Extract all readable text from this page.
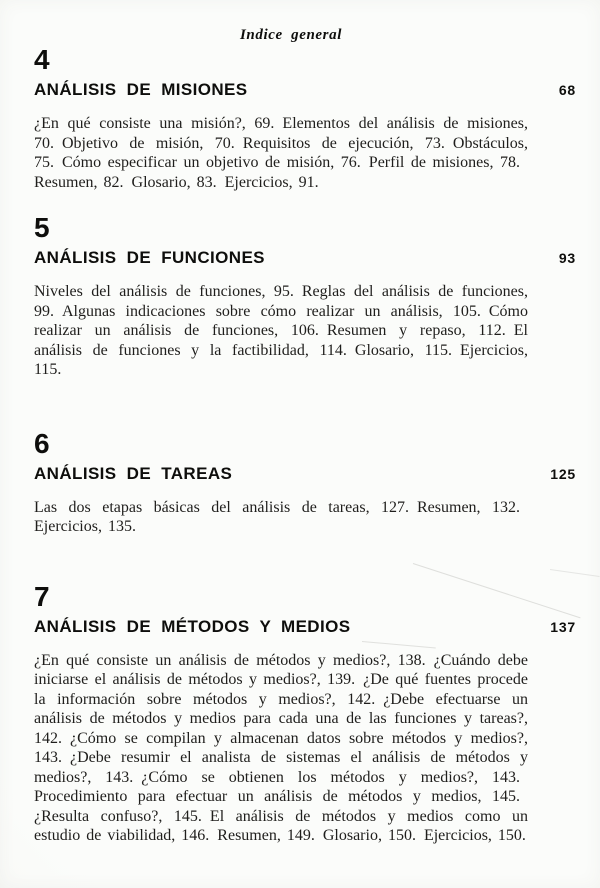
Indice general
4
ANÁLISIS DE MISIONES	68

¿En qué consiste una misión?, 69. Elementos del análisis de misiones, 70. Objetivo de misión, 70. Requisitos de ejecución, 73. Obstáculos, 75. Cómo especificar un objetivo de misión, 76. Perfil de misiones, 78. Resumen, 82. Glosario, 83. Ejercicios, 91.

5
ANÁLISIS DE FUNCIONES	93

Niveles del análisis de funciones, 95. Reglas del análisis de funciones, 99. Algunas indicaciones sobre cómo realizar un análisis, 105. Cómo realizar un análisis de funciones, 106. Resumen y repaso, 112. El análisis de funciones y la factibilidad, 114. Glosario, 115. Ejercicios, 115.

6
ANÁLISIS DE TAREAS	125

Las dos etapas básicas del análisis de tareas, 127. Resumen, 132. Ejercicios, 135.

7
ANÁLISIS DE MÉTODOS Y MEDIOS	137

¿En qué consiste un análisis de métodos y medios?, 138. ¿Cuándo debe iniciarse el análisis de métodos y medios?, 139. ¿De qué fuentes procede la información sobre métodos y medios?, 142. ¿Debe efectuarse un análisis de métodos y medios para cada una de las funciones y tareas?, 142. ¿Cómo se compilan y almacenan datos sobre métodos y medios?, 143. ¿Debe resumir el analista de sistemas el análisis de métodos y medios?, 143. ¿Cómo se obtienen los métodos y medios?, 143. Procedimiento para efectuar un análisis de métodos y medios, 145. ¿Resulta confuso?, 145. El análisis de métodos y medios como un estudio de viabilidad, 146. Resumen, 149. Glosario, 150. Ejercicios, 150.
